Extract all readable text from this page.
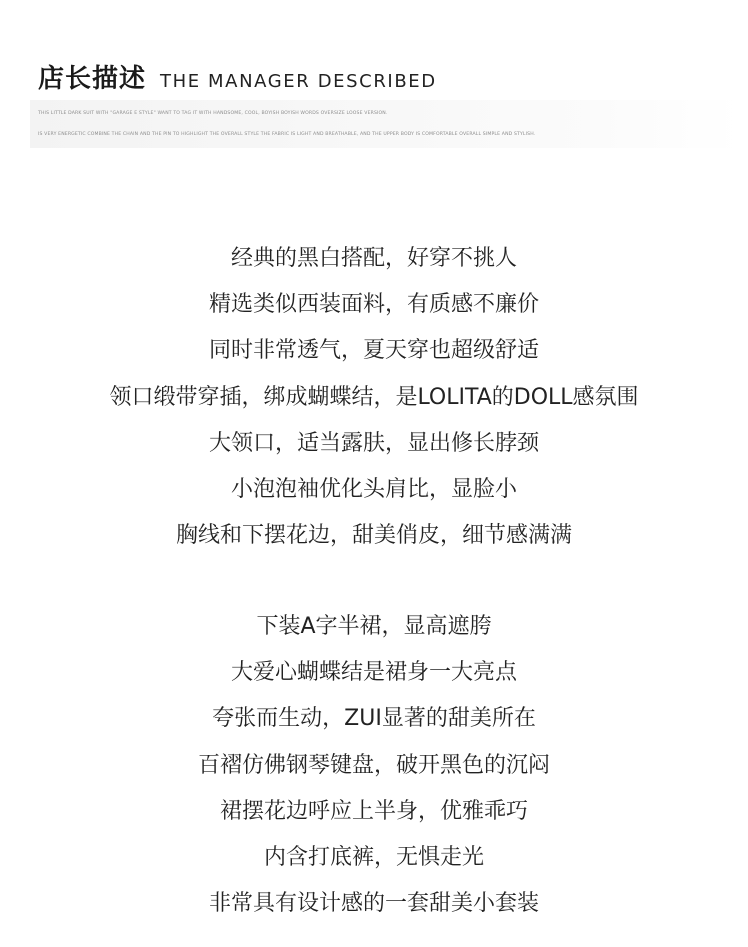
店长描述 THE MANAGER DESCRIBED
THIS LITTLE DARK SUIT WITH "GARAGE E STYLE" WANT TO TAG IT WITH HANDSOME, COOL, BOYISH BOYISH WORDS OVERSIZE LOOSE VERSION.
IS VERY ENERGETIC COMBINE THE CHAIN AND THE PIN TO HIGHLIGHT THE OVERALL STYLE THE FABRIC IS LIGHT AND BREATHABLE, AND THE UPPER BODY IS COMFORTABLE OVERALL SIMPLE AND STYLISH.
经典的黑白搭配，好穿不挑人
精选类似西装面料，有质感不廉价
同时非常透气，夏天穿也超级舒适
领口缎带穿插，绑成蝴蝶结，是LOLITA的DOLL感氛围
大领口，适当露肤，显出修长脖颈
小泡泡袖优化头肩比，显脸小
胸线和下摆花边，甜美俏皮，细节感满满
下装A字半裙，显高遮胯
大爱心蝴蝶结是裙身一大亮点
夸张而生动，ZUI显著的甜美所在
百褶仿佛钢琴键盘，破开黑色的沉闷
裙摆花边呼应上半身，优雅乖巧
内含打底裤，无惧走光
非常具有设计感的一套甜美小套装
